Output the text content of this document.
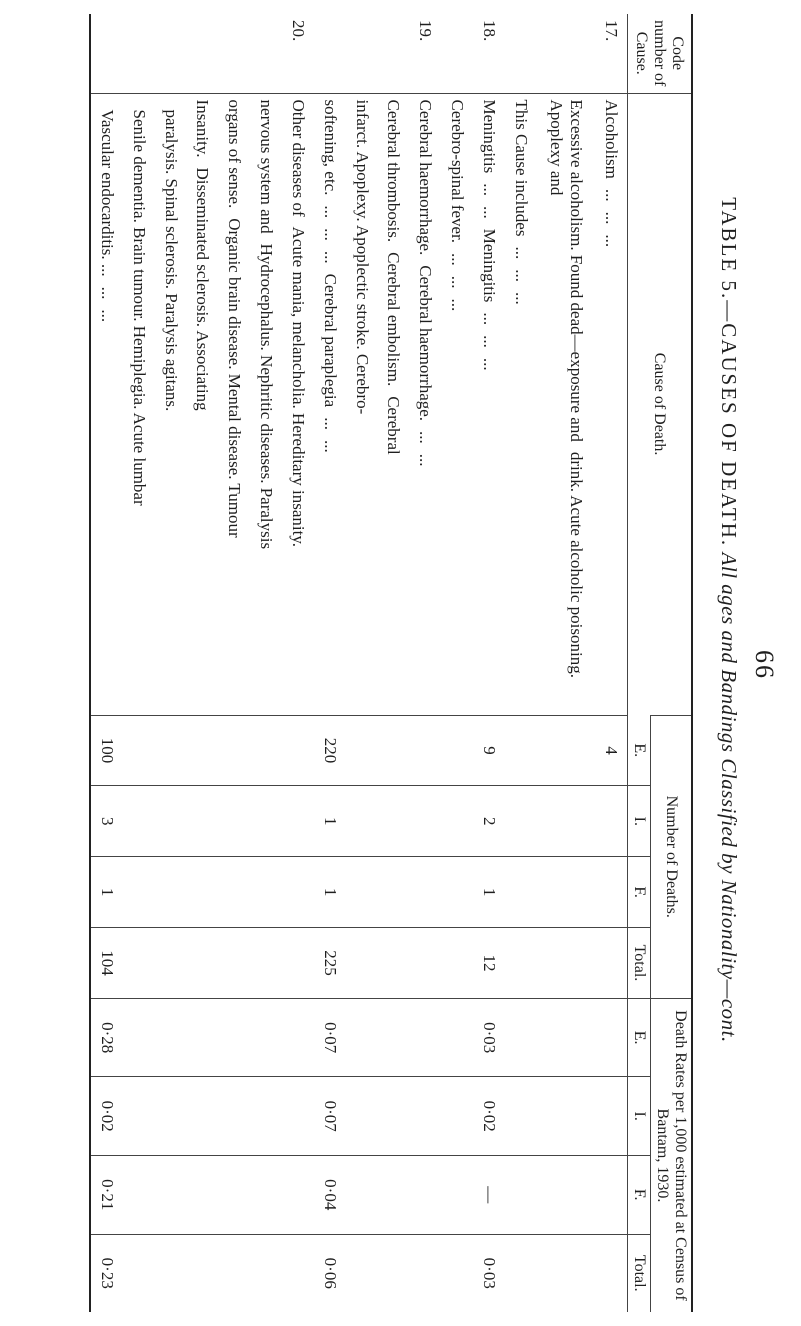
66
TABLE 5.—CAUSES OF DEATH. All ages and Bandings Classified by Nationality—cont.
Code number of Cause.	Cause of Death.	Number of Deaths.				Death Rates per 1,000 estimated at Census of Bantam, 1930.			
		E.	I.	F.	Total.	E.	I.	F.	Total.
17.	Alcoholism.........	4							
	Excessive alcoholism. Found dead—exposure anddrink. Acute alcoholic poisoning. Apoplexy and								
	This Cause includes.........								
18.	Meningitis......Meningitis.........	9	2	1	12	0·03	0·02	—	0·03
	Cerebro-spinal fever..........								
19.	Cerebral haemorrhage.Cerebral haemorrhage.......								
	Cerebral thrombosis.Cerebral embolism.Cerebral								
	infarct. Apoplexy. Apoplectic stroke. Cerebro-								
	softening, etc..........Cerebral paraplegia......	220	1	1	225	0·07	0·07	0·04	0·06
20.	Other diseases ofAcute mania, melancholia. Hereditary insanity.								
	nervous system andHydrocephalus. Nephritic diseases. Paralysis								
	organs of sense.Organic brain disease. Mental disease. Tumour								
	Insanity.Disseminated sclerosis. Associating								
	paralysis. Spinal sclerosis. Paralysis agitans.								
	Senile dementia. Brain tumour. Hemiplegia. Acute lumbar								
	Vascular endocarditis. .........	100	3	1	104	0·28	0·02	0·21	0·23
